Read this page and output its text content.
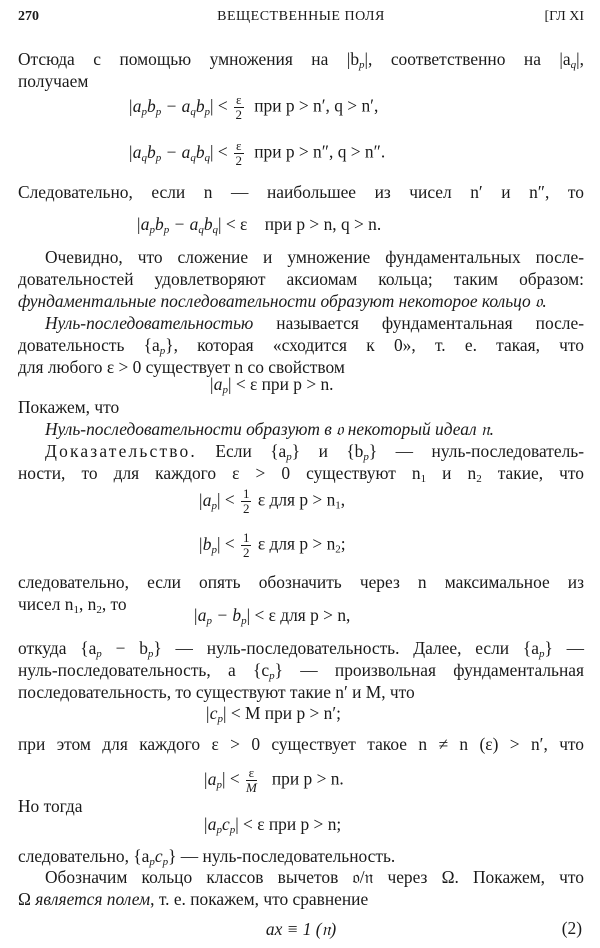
270	ВЕЩЕСТВЕННЫЕ ПОЛЯ	[ГЛ XI
Отсюда с помощью умножения на $|b_p|$, соответственно на $|a_q|$,
получаем
$|a_pb_p - a_qb_p| < \frac{\varepsilon}{2}$ при p > n′, q > n′,
$|a_qb_p - a_qb_q| < \frac{\varepsilon}{2}$ при p > n″, q > n″.
Следовательно, если n — наибольшее из чисел n′ и n″, то
$|a_pb_p - a_qb_q| < \varepsilon$    при p > n, q > n.
Очевидно, что сложение и умножение фундаментальных после-
довательностей удовлетворяют аксиомам кольца; таким образом:
фундаментальные последовательности образуют некоторое кольцо 𝔬.
Нуль-последовательностью называется фундаментальная после-
довательность $\{a_p\}$, которая «сходится к 0», т. е. такая, что
для любого ε > 0 существует n со свойством
$|a_p| < \varepsilon$ при p > n.
Покажем, что
Нуль-последовательности образуют в 𝔬 некоторый идеал 𝔫.
Доказательство. Если $\{a_p\}$ и $\{b_p\}$ — нуль-последователь-
ности, то для каждого ε > 0 существуют $n_1$ и $n_2$ такие, что
$|a_p| < \frac{1}{2}$ ε для $p > n_1$,
$|b_p| < \frac{1}{2}$ ε для $p > n_2$;
следовательно, если опять обозначить через n максимальное из
чисел $n_1$, $n_2$, то
$|a_p - b_p| < \varepsilon$ для p > n,
откуда $\{a_p - b_p\}$ — нуль-последовательность. Далее, если $\{a_p\}$ —
нуль-последовательность, а $\{c_p\}$ — произвольная фундаментальная
последовательность, то существуют такие n′ и M, что
$|c_p| < M$ при p > n′;
при этом для каждого ε > 0 существует такое n ≠ n (ε) > n′, что
$|a_p| < \frac{\varepsilon}{M}$ при p > n.
Но тогда
$|a_pc_p| < \varepsilon$ при p > n;
следовательно, $\{a_pc_p\}$ — нуль-последовательность.
Обозначим кольцо классов вычетов 𝔬/𝔫 через Ω. Покажем, что
Ω является полем, т. е. покажем, что сравнение
ax ≡ 1 (𝔫)	(2)
